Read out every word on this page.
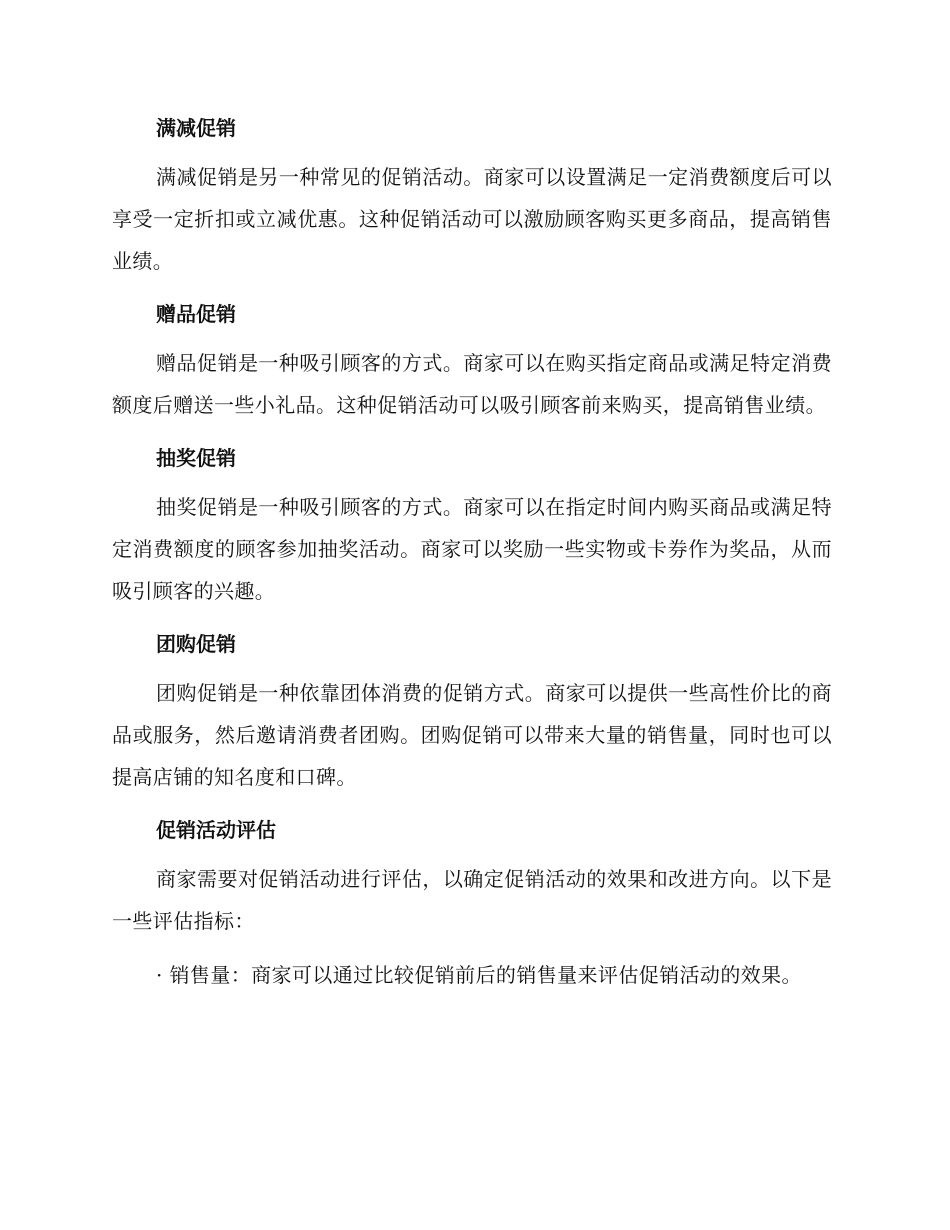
满减促销

满减促销是另一种常见的促销活动。商家可以设置满足一定消费额度后可以享受一定折扣或立减优惠。这种促销活动可以激励顾客购买更多商品，提高销售业绩。

赠品促销

赠品促销是一种吸引顾客的方式。商家可以在购买指定商品或满足特定消费额度后赠送一些小礼品。这种促销活动可以吸引顾客前来购买，提高销售业绩。

抽奖促销

抽奖促销是一种吸引顾客的方式。商家可以在指定时间内购买商品或满足特定消费额度的顾客参加抽奖活动。商家可以奖励一些实物或卡券作为奖品，从而吸引顾客的兴趣。

团购促销

团购促销是一种依靠团体消费的促销方式。商家可以提供一些高性价比的商品或服务，然后邀请消费者团购。团购促销可以带来大量的销售量，同时也可以提高店铺的知名度和口碑。

促销活动评估

商家需要对促销活动进行评估，以确定促销活动的效果和改进方向。以下是一些评估指标：

· 销售量：商家可以通过比较促销前后的销售量来评估促销活动的效果。
